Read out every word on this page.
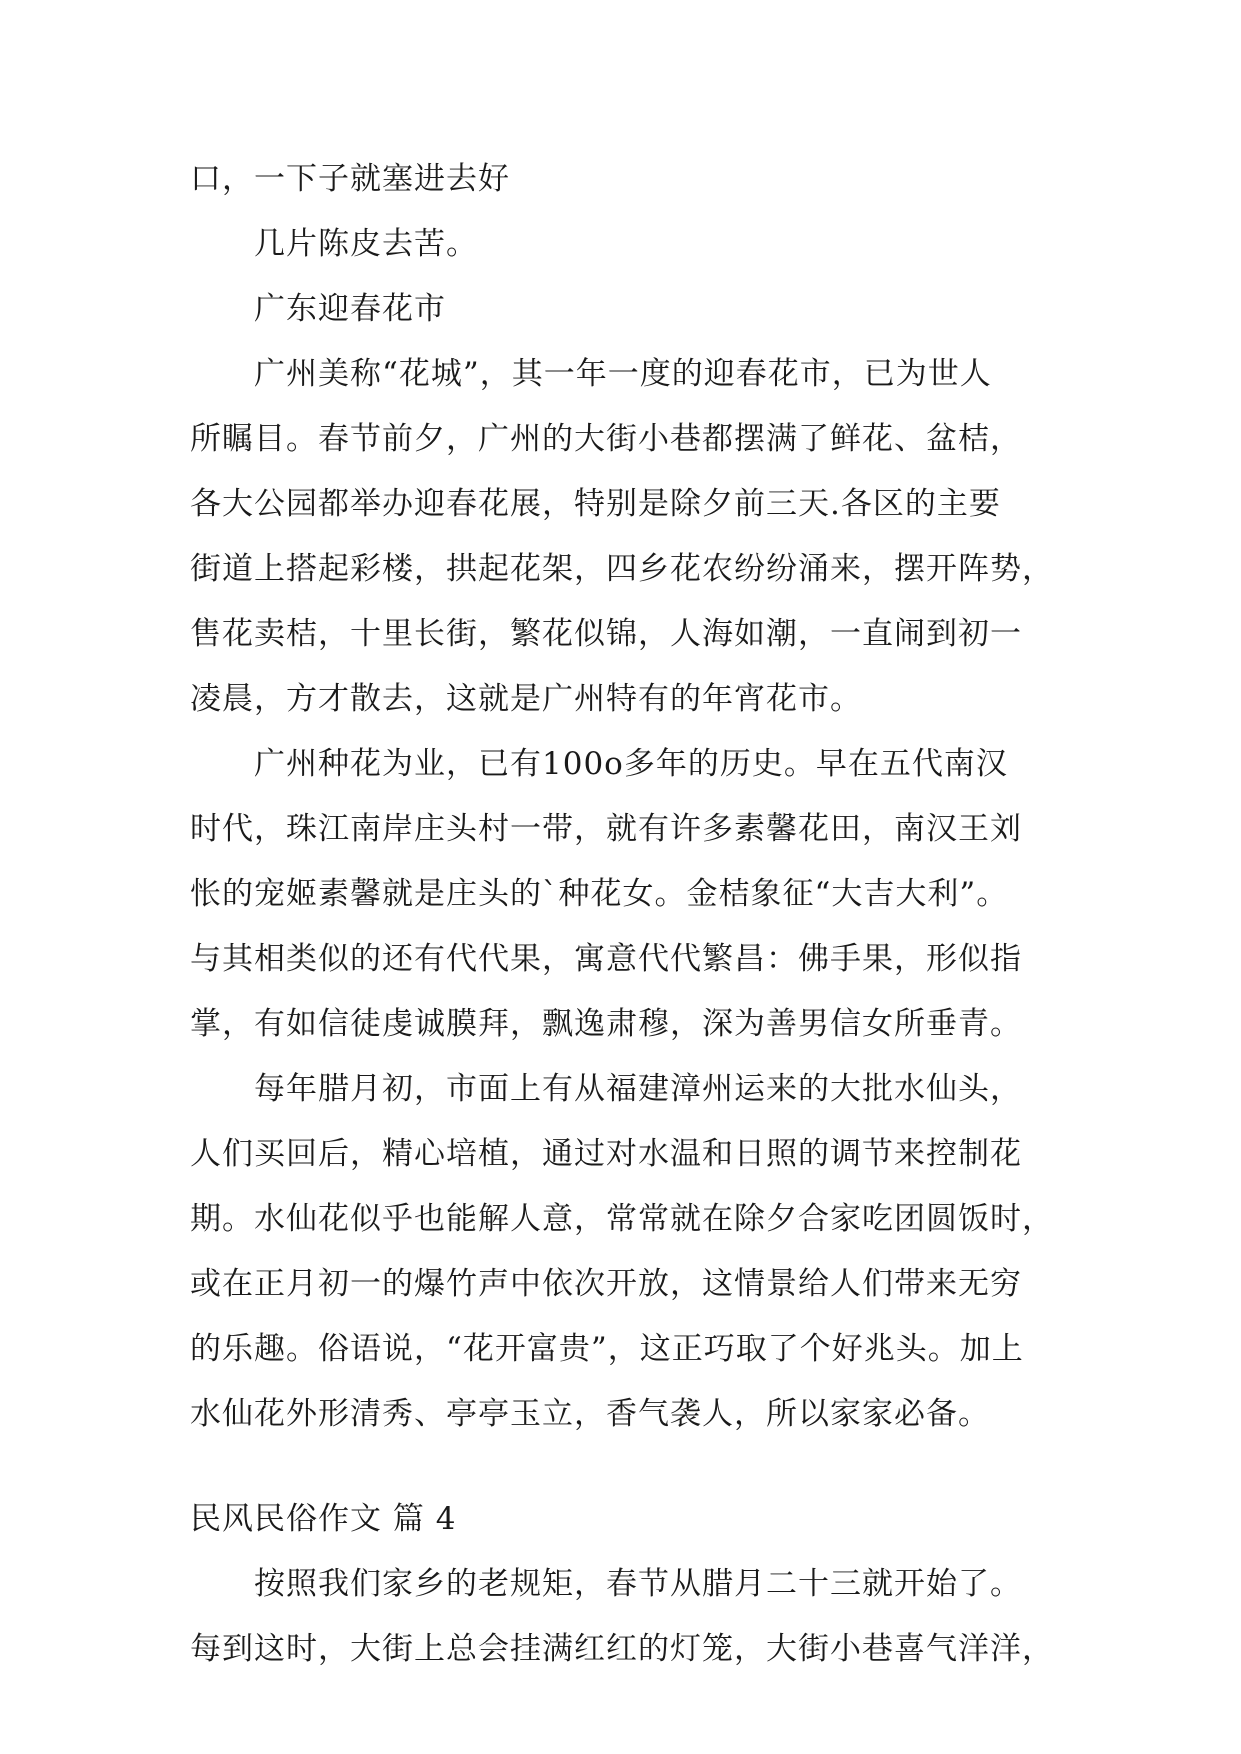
口，一下子就塞进去好
几片陈皮去苦。
广东迎春花市
广州美称“花城”，其一年一度的迎春花市，已为世人
所瞩目。春节前夕，广州的大街小巷都摆满了鲜花、盆桔，
各大公园都举办迎春花展，特别是除夕前三天.各区的主要
街道上搭起彩楼，拱起花架，四乡花农纷纷涌来，摆开阵势，
售花卖桔，十里长街，繁花似锦，人海如潮，一直闹到初一
凌晨，方才散去，这就是广州特有的年宵花市。
广州种花为业，已有100o多年的历史。早在五代南汉
时代，珠江南岸庄头村一带，就有许多素馨花田，南汉王刘
怅的宠姬素馨就是庄头的`种花女。金桔象征“大吉大利”。
与其相类似的还有代代果，寓意代代繁昌：佛手果，形似指
掌，有如信徒虔诚膜拜，飘逸肃穆，深为善男信女所垂青。
每年腊月初，市面上有从福建漳州运来的大批水仙头，
人们买回后，精心培植，通过对水温和日照的调节来控制花
期。水仙花似乎也能解人意，常常就在除夕合家吃团圆饭时，
或在正月初一的爆竹声中依次开放，这情景给人们带来无穷
的乐趣。俗语说，“花开富贵”，这正巧取了个好兆头。加上
水仙花外形清秀、亭亭玉立，香气袭人，所以家家必备。
民风民俗作文 篇 4
按照我们家乡的老规矩，春节从腊月二十三就开始了。
每到这时，大街上总会挂满红红的灯笼，大街小巷喜气洋洋，
